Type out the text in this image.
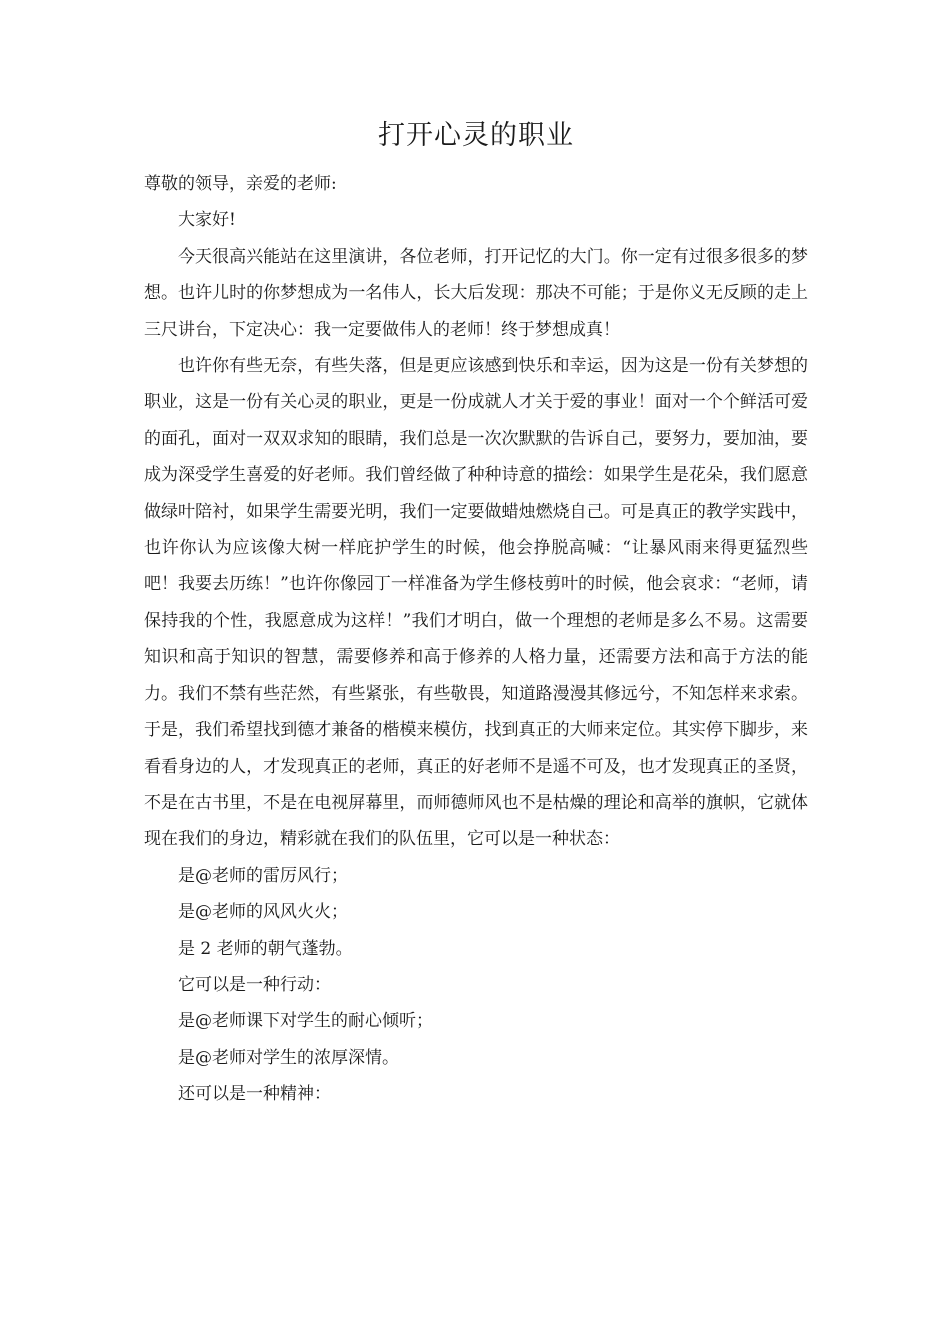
打开心灵的职业

尊敬的领导，亲爱的老师:

大家好!

今天很高兴能站在这里演讲，各位老师，打开记忆的大门。你一定有过很多很多的梦想。也许儿时的你梦想成为一名伟人，长大后发现：那决不可能；于是你义无反顾的走上三尺讲台，下定决心：我一定要做伟人的老师！终于梦想成真！

也许你有些无奈，有些失落，但是更应该感到快乐和幸运，因为这是一份有关梦想的职业，这是一份有关心灵的职业，更是一份成就人才关于爱的事业！面对一个个鲜活可爱的面孔，面对一双双求知的眼睛，我们总是一次次默默的告诉自己，要努力，要加油，要成为深受学生喜爱的好老师。我们曾经做了种种诗意的描绘：如果学生是花朵，我们愿意做绿叶陪衬，如果学生需要光明，我们一定要做蜡烛燃烧自己。可是真正的教学实践中，也许你认为应该像大树一样庇护学生的时候，他会挣脱高喊：“让暴风雨来得更猛烈些吧！我要去历练！”也许你像园丁一样准备为学生修枝剪叶的时候，他会哀求：“老师，请保持我的个性，我愿意成为这样！”我们才明白，做一个理想的老师是多么不易。这需要知识和高于知识的智慧，需要修养和高于修养的人格力量，还需要方法和高于方法的能力。我们不禁有些茫然，有些紧张，有些敬畏，知道路漫漫其修远兮，不知怎样来求索。于是，我们希望找到德才兼备的楷模来模仿，找到真正的大师来定位。其实停下脚步，来看看身边的人，才发现真正的老师，真正的好老师不是遥不可及，也才发现真正的圣贤，不是在古书里，不是在电视屏幕里，而师德师风也不是枯燥的理论和高举的旗帜，它就体现在我们的身边，精彩就在我们的队伍里，它可以是一种状态：

是@老师的雷厉风行；

是@老师的风风火火；

是 2 老师的朝气蓬勃。

它可以是一种行动：

是@老师课下对学生的耐心倾听；

是@老师对学生的浓厚深情。

还可以是一种精神：
